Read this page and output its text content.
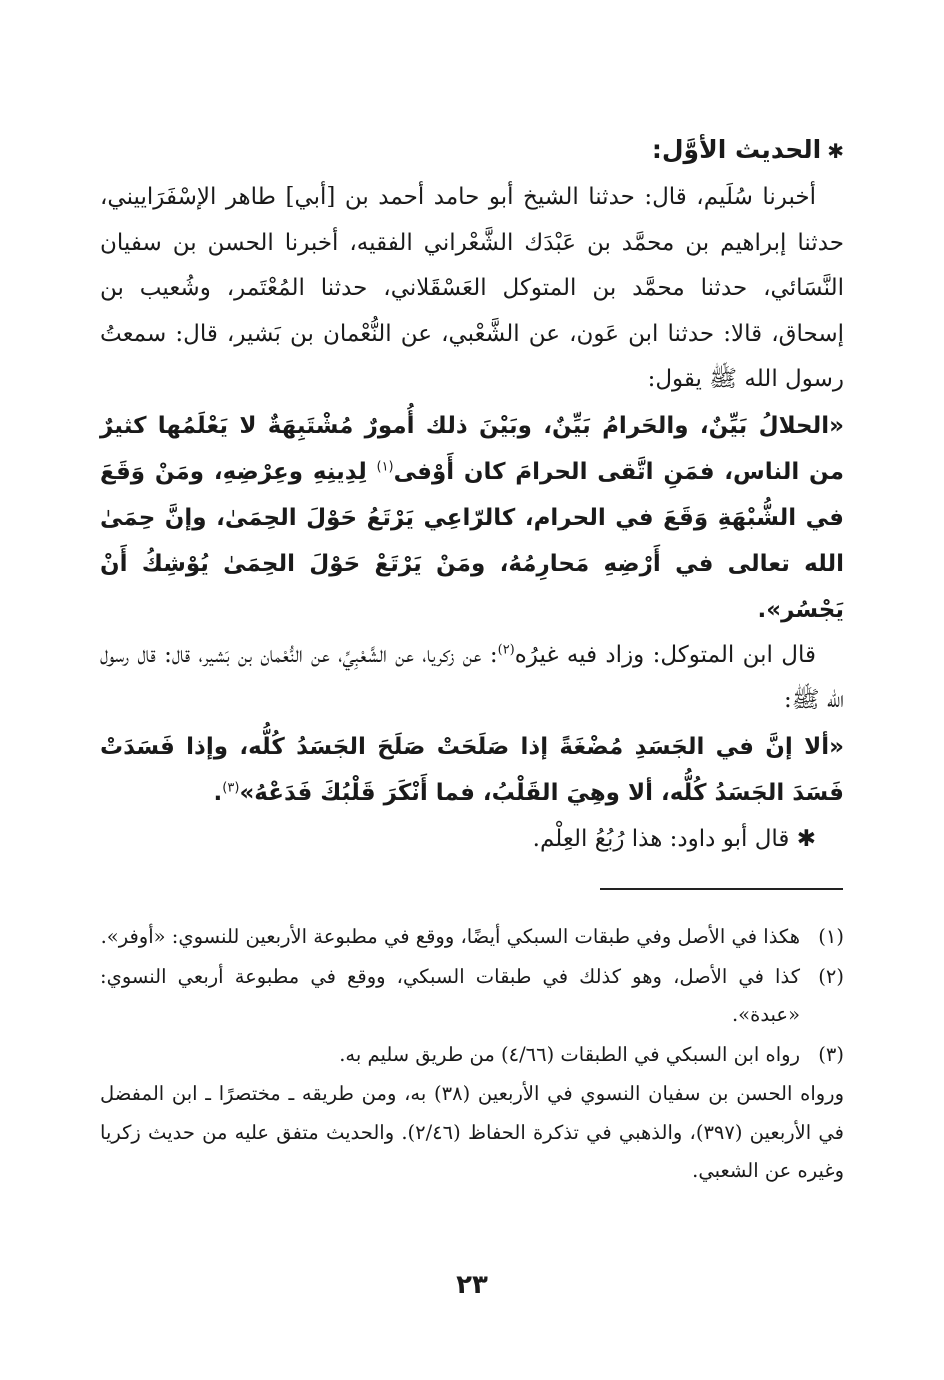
✱الحديث الأوَّل:

أخبرنا سُلَيم، قال: حدثنا الشيخ أبو حامد أحمد بن [أبي] طاهر الإسْفَرَاييني، حدثنا إبراهيم بن محمَّد بن عَبْدَك الشَّعْراني الفقيه، أخبرنا الحسن بن سفيان النَّسَائي، حدثنا محمَّد بن المتوكل العَسْقَلاني، حدثنا المُعْتَمر، وشُعيب بن إسحاق، قالا: حدثنا ابن عَون، عن الشَّعْبي، عن النُّعْمان بن بَشير، قال: سمعتُ رسول الله ﷺ يقول:

«الحلالُ بَيِّنٌ، والحَرامُ بَيِّنٌ، وبَيْنَ ذلك أُمورٌ مُشْتَبِهَةٌ لا يَعْلَمُها كثيرٌ من الناس، فمَنِ اتَّقى الحرامَ كان أَوْفى$^{(١)}$ لِدِينِهِ وعِرْضِهِ، ومَنْ وَقَعَ في الشُّبْهَةِ وَقَعَ في الحرام، كالرّاعِي يَرْتَعُ حَوْلَ الحِمَىٰ، وإنَّ حِمَىٰ الله تعالى في أَرْضِهِ مَحارِمُهُ، ومَنْ يَرْتَعْ حَوْلَ الحِمَىٰ يُوْشِكُ أَنْ يَجْسُر».

قال ابن المتوكل: وزاد فيه غيرُه$^{(٢)}$: عن زكريا، عن الشَّعْبِيِّ، عن النُّعْمان بن بَشير، قال: قال رسول الله ﷺ:

«ألا إنَّ في الجَسَدِ مُضْغَةً إذا صَلَحَتْ صَلَحَ الجَسَدُ كُلُّه، وإذا فَسَدَتْ فَسَدَ الجَسَدُ كُلُّه، ألا وهِيَ القَلْبُ، فما أَنْكَرَ قَلْبُكَ فَدَعْهُ»$^{(٣)}$.

✱ قال أبو داود: هذا رُبُعُ العِلْم.

(١)
هكذا في الأصل وفي طبقات السبكي أيضًا، ووقع في مطبوعة الأربعين للنسوي: «أوفر».

(٢)
كذا في الأصل، وهو كذلك في طبقات السبكي، ووقع في مطبوعة أربعي النسوي: «عبدة».

(٣)
رواه ابن السبكي في الطبقات (٤/٦٦) من طريق سليم به.

ورواه الحسن بن سفيان النسوي في الأربعين (٣٨) به، ومن طريقه ـ مختصرًا ـ ابن المفضل في الأربعين (٣٩٧)، والذهبي في تذكرة الحفاظ (٢/٤٦). والحديث متفق عليه من حديث زكريا وغيره عن الشعبي.

٢٣
